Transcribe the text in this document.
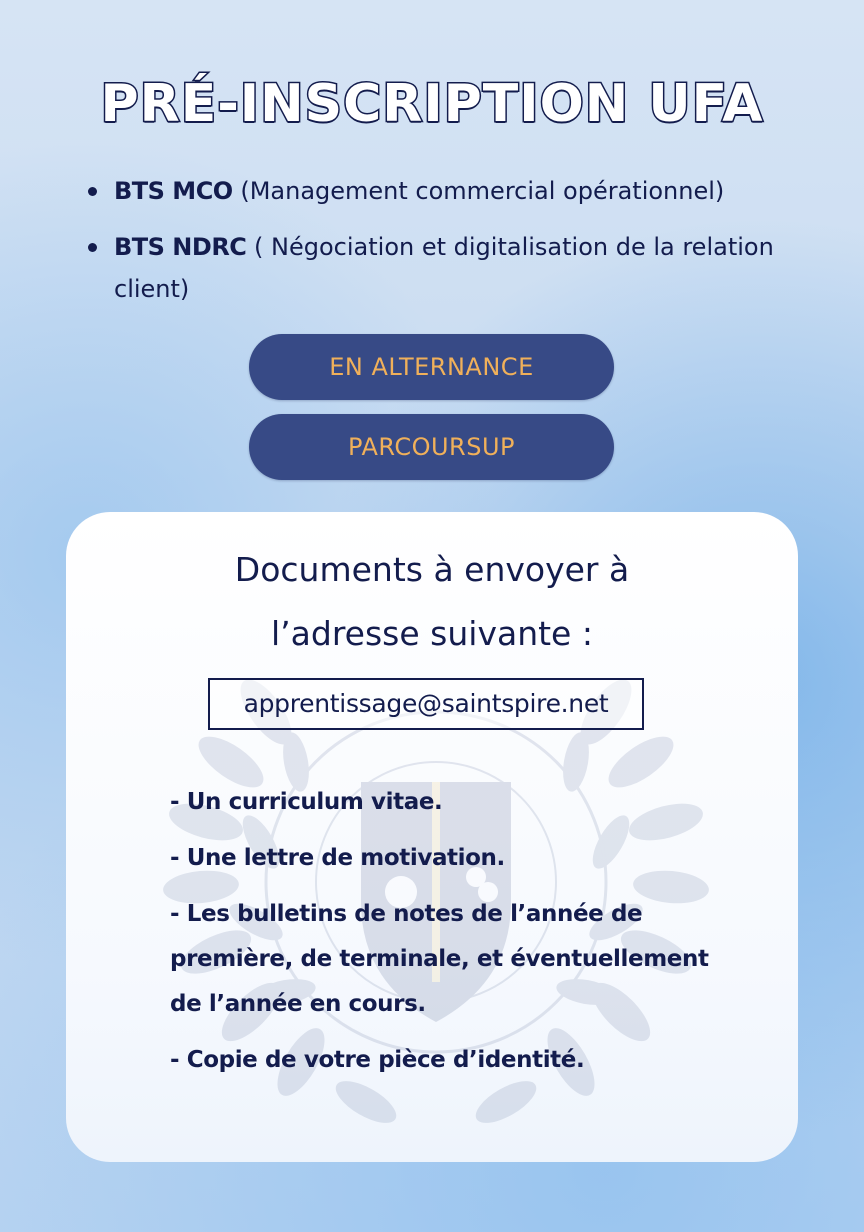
PRÉ-INSCRIPTION UFA
BTS MCO (Management commercial opérationnel)
BTS NDRC ( Négociation et digitalisation de la relation client)
EN ALTERNANCE
PARCOURSUP
Documents à envoyer à
l’adresse suivante :
apprentissage@saintspire.net
- Un curriculum vitae.
- Une lettre de motivation.
- Les bulletins de notes de l’année de première, de terminale, et éventuellement de l’année en cours.
- Copie de votre pièce d’identité.
